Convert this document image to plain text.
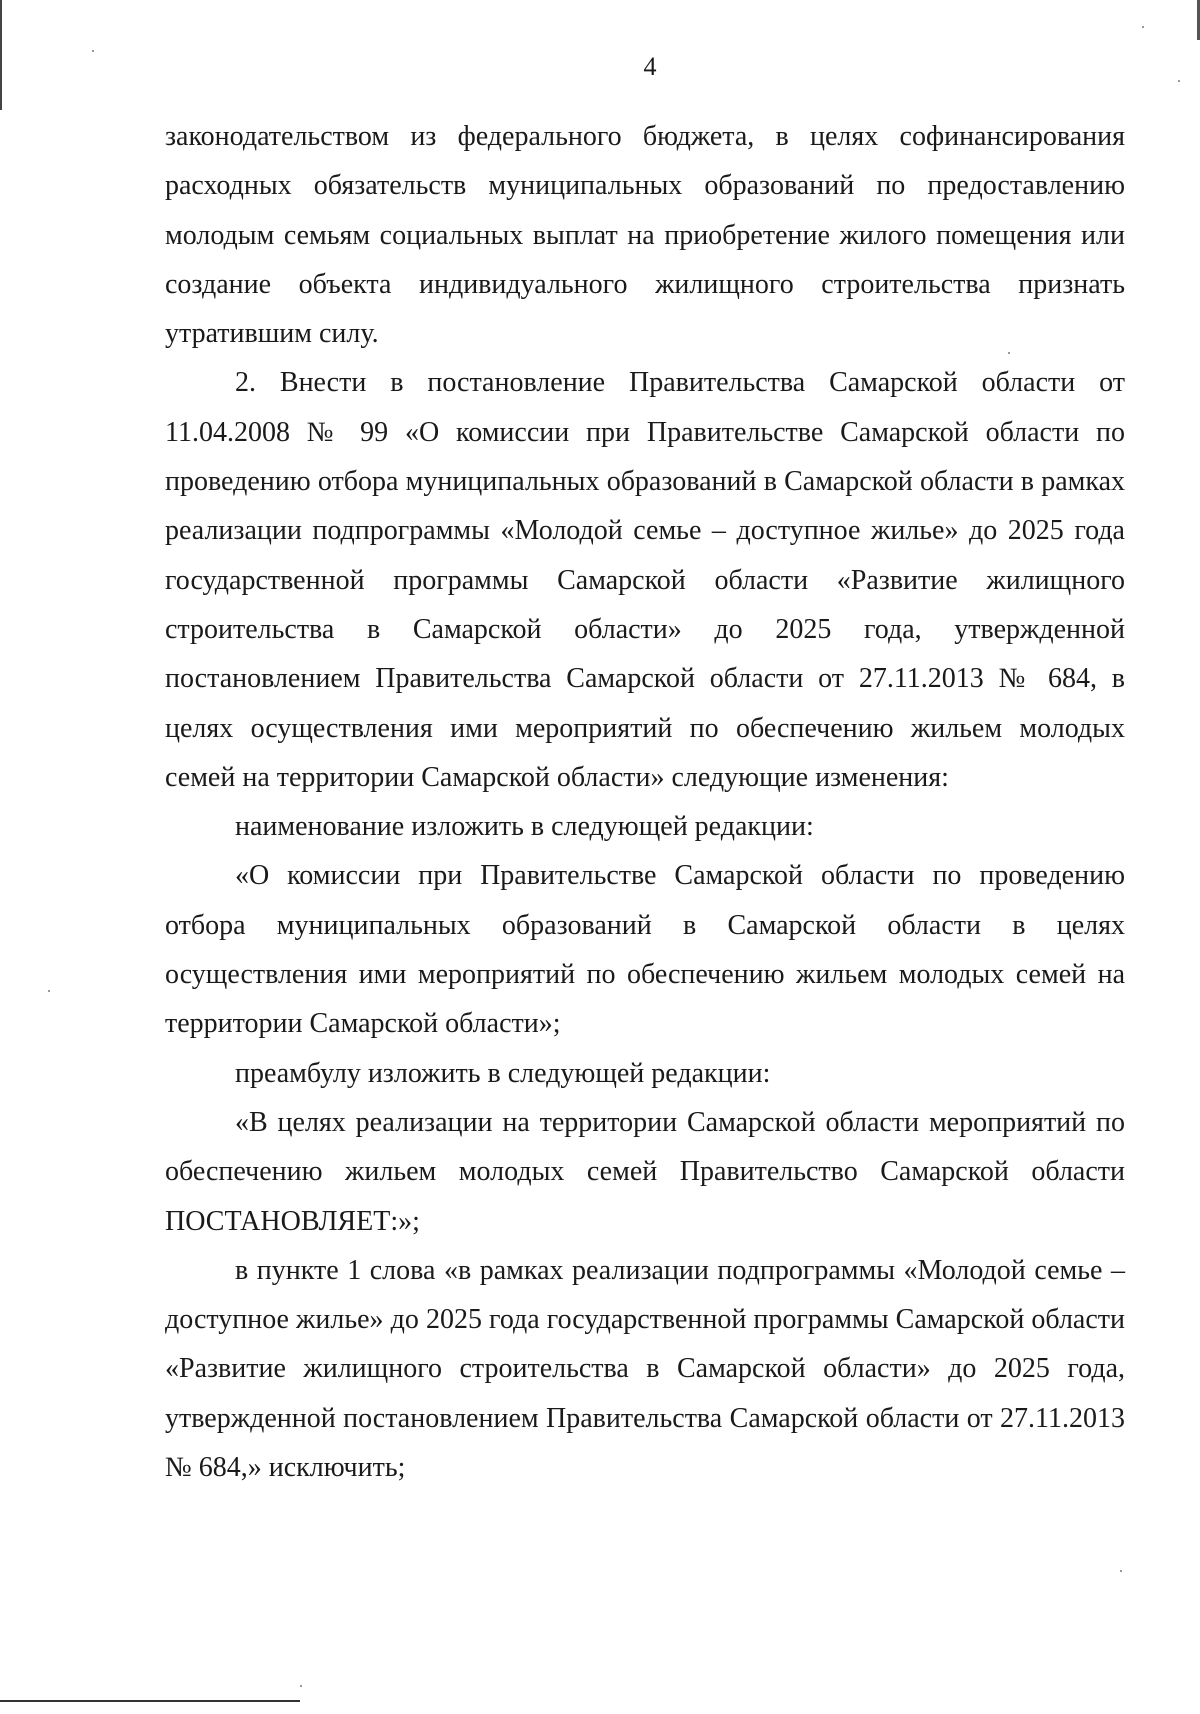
4

законодательством из федерального бюджета, в целях софинансирования расходных обязательств муниципальных образований по предоставлению молодым семьям социальных выплат на приобретение жилого помещения или создание объекта индивидуального жилищного строительства признать утратившим силу.

2. Внести в постановление Правительства Самарской области от 11.04.2008 № 99 «О комиссии при Правительстве Самарской области по проведению отбора муниципальных образований в Самарской области в рамках реализации подпрограммы «Молодой семье – доступное жилье» до 2025 года государственной программы Самарской области «Развитие жилищного строительства в Самарской области» до 2025 года, утвержденной постановлением Правительства Самарской области от 27.11.2013 № 684, в целях осуществления ими мероприятий по обеспечению жильем молодых семей на территории Самарской области» следующие изменения:

наименование изложить в следующей редакции:

«О комиссии при Правительстве Самарской области по проведению отбора муниципальных образований в Самарской области в целях осуществления ими мероприятий по обеспечению жильем молодых семей на территории Самарской области»;

преамбулу изложить в следующей редакции:

«В целях реализации на территории Самарской области мероприятий по обеспечению жильем молодых семей Правительство Самарской области ПОСТАНОВЛЯЕТ:»;

в пункте 1 слова «в рамках реализации подпрограммы «Молодой семье – доступное жилье» до 2025 года государственной программы Самарской области «Развитие жилищного строительства в Самарской области» до 2025 года, утвержденной постановлением Правительства Самарской области от 27.11.2013 № 684,» исключить;
